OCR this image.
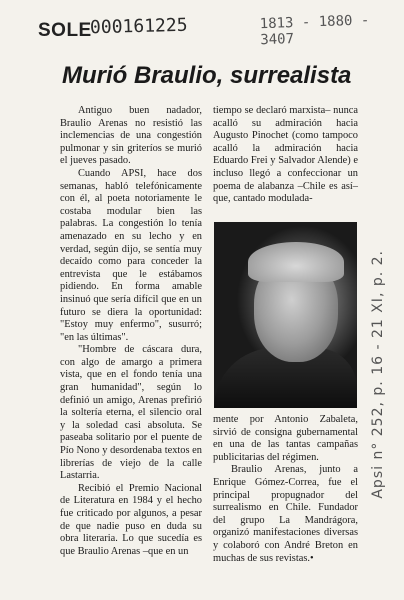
SOLE
000161225	1813 - 1880 - 3407
Murió Braulio, surrealista

Antiguo buen nadador, Braulio Arenas no resistió las inclemencias de una congestión pulmonar y sin griteríos se murió el jueves pasado.

Cuando APSI, hace dos semanas, habló telefónicamente con él, al poeta notoriamente le costaba modular bien las palabras. La congestión lo tenía amenazado en su lecho y en verdad, según dijo, se sentía muy decaído como para conceder la entrevista que le estábamos pidiendo. En forma amable insinuó que sería difícil que en un futuro se diera la oportunidad: "Estoy muy enfermo", susurró; "en las últimas".

"Hombre de cáscara dura, con algo de amargo a primera vista, que en el fondo tenía una gran humanidad", según lo definió un amigo, Arenas prefirió la soltería eterna, el silencio oral y la soledad casi absoluta. Se paseaba solitario por el puente de Pío Nono y desordenaba textos en librerías de viejo de la calle Lastarria.

Recibió el Premio Nacional de Literatura en 1984 y el hecho fue criticado por algunos, a pesar de que nadie puso en duda su obra literaria. Lo que sucedía es que Braulio Arenas –que en un

tiempo se declaró marxista– nunca acalló su admiración hacia Augusto Pinochet (como tampoco acalló la admiración hacia Eduardo Frei y Salvador Alende) e incluso llegó a confeccionar un poema de alabanza –Chile es así– que, cantado modulada-

mente por Antonio Zabaleta, sirvió de consigna gubernamental en una de las tantas campañas publicitarias del régimen.

Braulio Arenas, junto a Enrique Gómez-Correa, fue el principal propugnador del surrealismo en Chile. Fundador del grupo La Mandrágora, organizó manifestaciones diversas y colaboró con André Breton en muchas de sus revistas.•

Apsi n° 252, p. 16 - 21 XI, p. 2.
